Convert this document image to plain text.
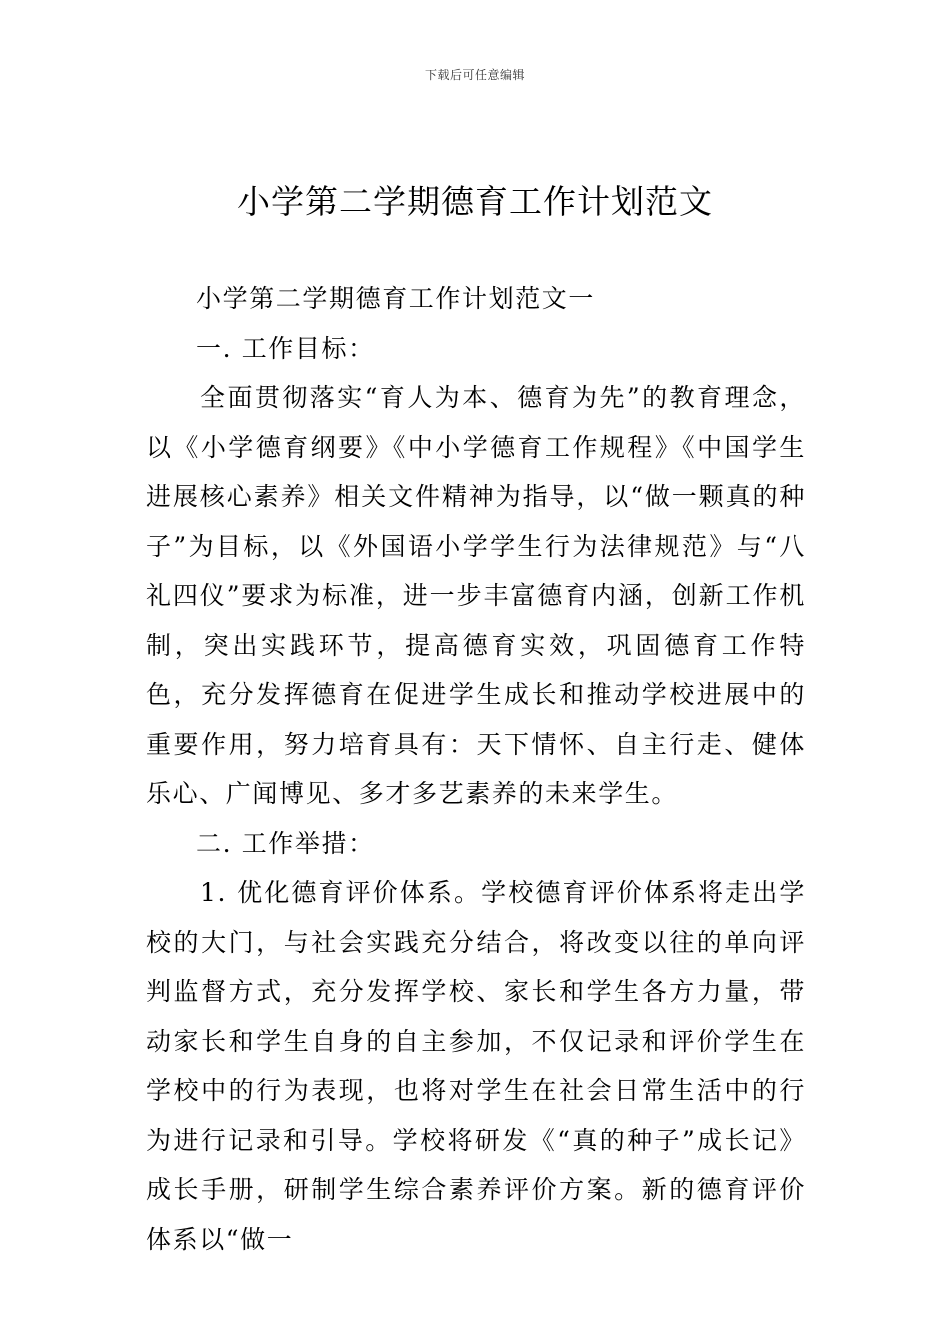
下载后可任意编辑
小学第二学期德育工作计划范文

小学第二学期德育工作计划范文一

一. 工作目标：

全面贯彻落实“育人为本、德育为先”的教育理念，以《小学德育纲要》《中小学德育工作规程》《中国学生进展核心素养》相关文件精神为指导，以“做一颗真的种子”为目标，以《外国语小学学生行为法律规范》与“八礼四仪”要求为标准，进一步丰富德育内涵，创新工作机制，突出实践环节，提高德育实效，巩固德育工作特色，充分发挥德育在促进学生成长和推动学校进展中的重要作用，努力培育具有：天下情怀、自主行走、健体乐心、广闻博见、多才多艺素养的未来学生。

二. 工作举措：

1. 优化德育评价体系。学校德育评价体系将走出学校的大门，与社会实践充分结合，将改变以往的单向评判监督方式，充分发挥学校、家长和学生各方力量，带动家长和学生自身的自主参加，不仅记录和评价学生在学校中的行为表现，也将对学生在社会日常生活中的行为进行记录和引导。学校将研发《“真的种子”成长记》成长手册，研制学生综合素养评价方案。新的德育评价体系以“做一
